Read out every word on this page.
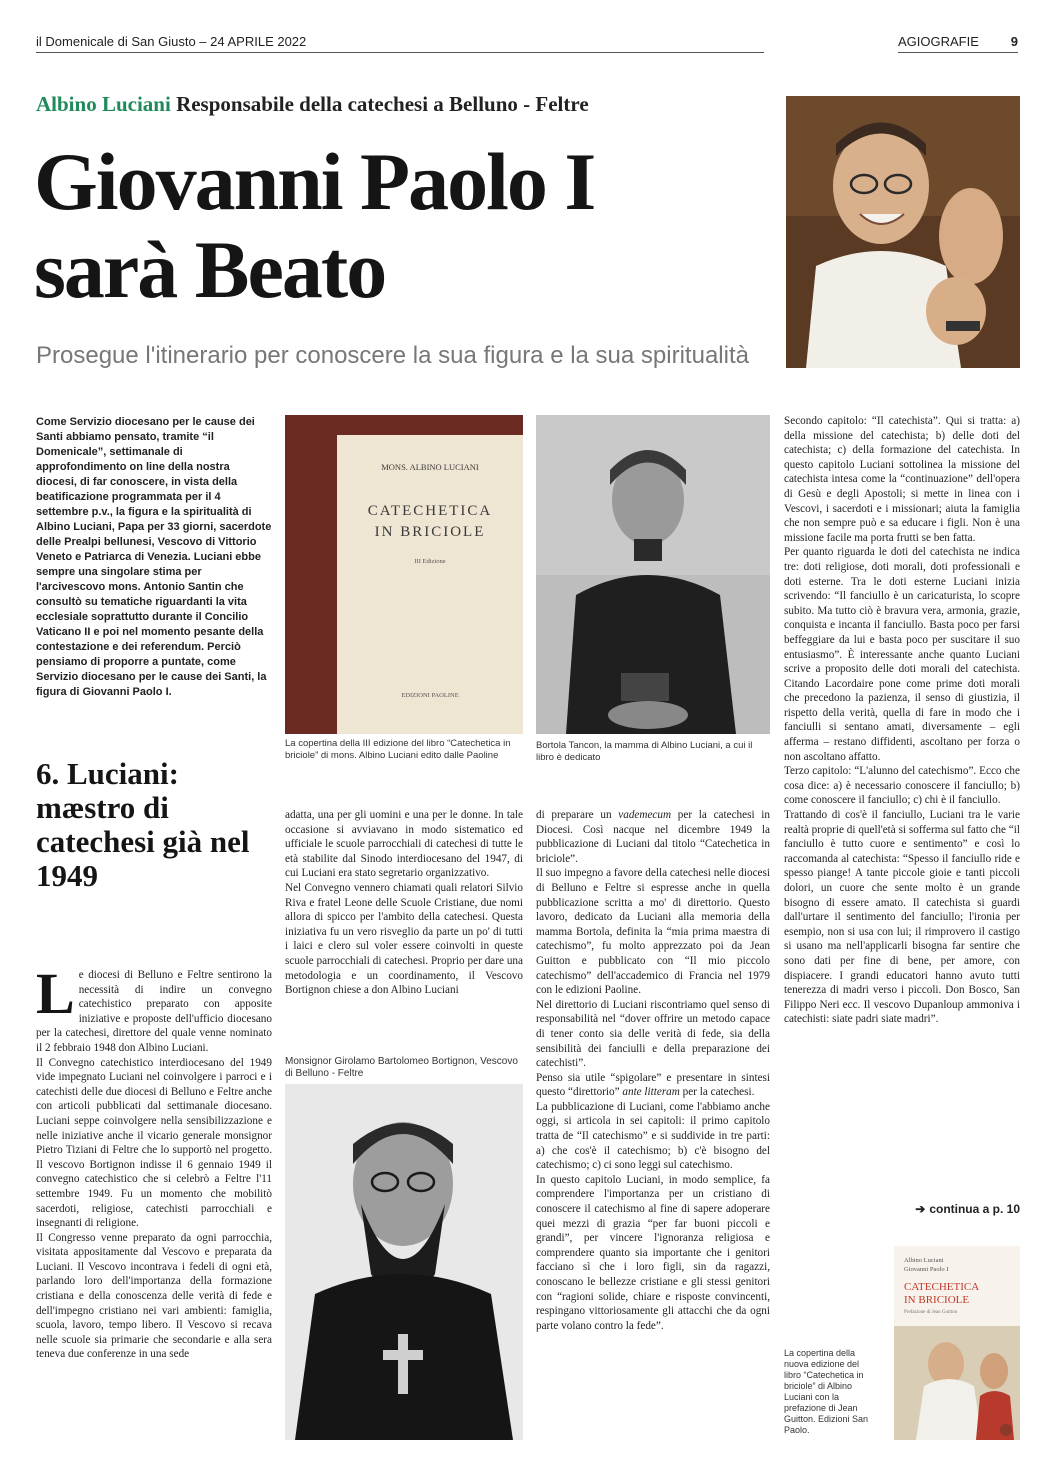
il Domenicale di San Giusto – 24 APRILE 2022	AGIOGRAFIE 9
Albino Luciani Responsabile della catechesi a Belluno - Feltre
Giovanni Paolo I
sarà Beato
Prosegue l'itinerario per conoscere la sua figura e la sua spiritualità
Come Servizio diocesano per le cause dei Santi abbiamo pensato, tramite “il Domenicale”, settimanale di approfondimento on line della nostra diocesi, di far conoscere, in vista della beatificazione programmata per il 4 settembre p.v., la figura e la spiritualità di Albino Luciani, Papa per 33 giorni, sacerdote delle Prealpi bellunesi, Vescovo di Vittorio Veneto e Patriarca di Venezia. Luciani ebbe sempre una singolare stima per l'arcivescovo mons. Antonio Santin che consultò su tematiche riguardanti la vita ecclesiale soprattutto durante il Concilio Vaticano II e poi nel momento pesante della contestazione e dei referendum. Perciò pensiamo di proporre a puntate, come Servizio diocesano per le cause dei Santi, la figura di Giovanni Paolo I.
MONS. ALBINO LUCIANI
CATECHETICA
IN BRICIOLE
III Edizione
EDIZIONI PAOLINE
La copertina della III edizione del libro “Catechetica in briciole” di mons. Albino Luciani edito dalle Paoline
Bortola Tancon, la mamma di Albino Luciani, a cui il libro è dedicato
6. Luciani: mæstro di catechesi già nel 1949

Le diocesi di Belluno e Feltre sentirono la necessità di indire un convegno catechistico preparato con apposite iniziative e proposte dell'ufficio diocesano per la catechesi, direttore del quale venne nominato il 2 febbraio 1948 don Albino Luciani.

Il Convegno catechistico interdiocesano del 1949 vide impegnato Luciani nel coinvolgere i parroci e i catechisti delle due diocesi di Belluno e Feltre anche con articoli pubblicati dal settimanale diocesano. Luciani seppe coinvolgere nella sensibilizzazione e nelle iniziative anche il vicario generale monsignor Pietro Tiziani di Feltre che lo supportò nel progetto. Il vescovo Bortignon indisse il 6 gennaio 1949 il convegno catechistico che si celebrò a Feltre l'11 settembre 1949. Fu un momento che mobilitò sacerdoti, religiose, catechisti parrocchiali e insegnanti di religione.

Il Congresso venne preparato da ogni parrocchia, visitata appositamente dal Vescovo e preparata da Luciani. Il Vescovo incontrava i fedeli di ogni età, parlando loro dell'importanza della formazione cristiana e della conoscenza delle verità di fede e dell'impegno cristiano nei vari ambienti: famiglia, scuola, lavoro, tempo libero. Il Vescovo si recava nelle scuole sia primarie che secondarie e alla sera teneva due conferenze in una sede

adatta, una per gli uomini e una per le donne. In tale occasione si avviavano in modo sistematico ed ufficiale le scuole parrocchiali di catechesi di tutte le età stabilite dal Sinodo interdiocesano del 1947, di cui Luciani era stato segretario organizzativo.

Nel Convegno vennero chiamati quali relatori Silvio Riva e fratel Leone delle Scuole Cristiane, due nomi allora di spicco per l'ambito della catechesi. Questa iniziativa fu un vero risveglio da parte un po' di tutti i laici e clero sul voler essere coinvolti in queste scuole parrocchiali di catechesi. Proprio per dare una metodologia e un coordinamento, il Vescovo Bortignon chiese a don Albino Luciani

Monsignor Girolamo Bartolomeo Bortignon, Vescovo di Belluno - Feltre

di preparare un vademecum per la catechesi in Diocesi. Così nacque nel dicembre 1949 la pubblicazione di Luciani dal titolo “Catechetica in briciole”.

Il suo impegno a favore della catechesi nelle diocesi di Belluno e Feltre si espresse anche in quella pubblicazione scritta a mo' di direttorio. Questo lavoro, dedicato da Luciani alla memoria della mamma Bortola, definita la “mia prima maestra di catechismo”, fu molto apprezzato poi da Jean Guitton e pubblicato con “Il mio piccolo catechismo” dell'accademico di Francia nel 1979 con le edizioni Paoline.

Nel direttorio di Luciani riscontriamo quel senso di responsabilità nel “dover offrire un metodo capace di tener conto sia delle verità di fede, sia della sensibilità dei fanciulli e della preparazione dei catechisti”.

Penso sia utile “spigolare” e presentare in sintesi questo “direttorio” ante litteram per la catechesi.

La pubblicazione di Luciani, come l'abbiamo anche oggi, si articola in sei capitoli: il primo capitolo tratta de “Il catechismo” e si suddivide in tre parti: a) che cos'è il catechismo; b) c'è bisogno del catechismo; c) ci sono leggi sul catechismo.

In questo capitolo Luciani, in modo semplice, fa comprendere l'importanza per un cristiano di conoscere il catechismo al fine di sapere adoperare quei mezzi di grazia “per far buoni piccoli e grandi”, per vincere l'ignoranza religiosa e comprendere quanto sia importante che i genitori facciano sì che i loro figli, sin da ragazzi, conoscano le bellezze cristiane e gli stessi genitori con “ragioni solide, chiare e risposte convincenti, respingano vittoriosamente gli attacchi che da ogni parte volano contro la fede”.

Secondo capitolo: “Il catechista”. Qui si tratta: a) della missione del catechista; b) delle doti del catechista; c) della formazione del catechista. In questo capitolo Luciani sottolinea la missione del catechista intesa come la “continuazione” dell'opera di Gesù e degli Apostoli; si mette in linea con i Vescovi, i sacerdoti e i missionari; aiuta la famiglia che non sempre può e sa educare i figli. Non è una missione facile ma porta frutti se ben fatta.

Per quanto riguarda le doti del catechista ne indica tre: doti religiose, doti morali, doti professionali e doti esterne. Tra le doti esterne Luciani inizia scrivendo: “Il fanciullo è un caricaturista, lo scopre subito. Ma tutto ciò è bravura vera, armonia, grazie, conquista e incanta il fanciullo. Basta poco per farsi beffeggiare da lui e basta poco per suscitare il suo entusiasmo”. È interessante anche quanto Luciani scrive a proposito delle doti morali del catechista. Citando Lacordaire pone come prime doti morali che precedono la pazienza, il senso di giustizia, il rispetto della verità, quella di fare in modo che i fanciulli si sentano amati, diversamente – egli afferma – restano diffidenti, ascoltano per forza o non ascoltano affatto.

Terzo capitolo: “L'alunno del catechismo”. Ecco che cosa dice: a) è necessario conoscere il fanciullo; b) come conoscere il fanciullo; c) chi è il fanciullo.

Trattando di cos'è il fanciullo, Luciani tra le varie realtà proprie di quell'età si sofferma sul fatto che “il fanciullo è tutto cuore e sentimento” e così lo raccomanda al catechista: “Spesso il fanciullo ride e spesso piange! A tante piccole gioie e tanti piccoli dolori, un cuore che sente molto è un grande bisogno di essere amato. Il catechista si guardi dall'urtare il sentimento del fanciullo; l'ironia per esempio, non si usa con lui; il rimprovero il castigo si usano ma nell'applicarli bisogna far sentire che sono dati per fine di bene, per amore, con dispiacere. I grandi educatori hanno avuto tutti tenerezza di madri verso i piccoli. Don Bosco, San Filippo Neri ecc. Il vescovo Dupanloup ammoniva i catechisti: siate padri siate madri”.

➔ continua a p. 10
La copertina della nuova edizione del libro “Catechetica in briciole” di Albino Luciani con la prefazione di Jean Guitton. Edizioni San Paolo.
Albino Luciani
Giovanni Paolo I
CATECHETICA
IN BRICIOLE
Prefazione di Jean Guitton
